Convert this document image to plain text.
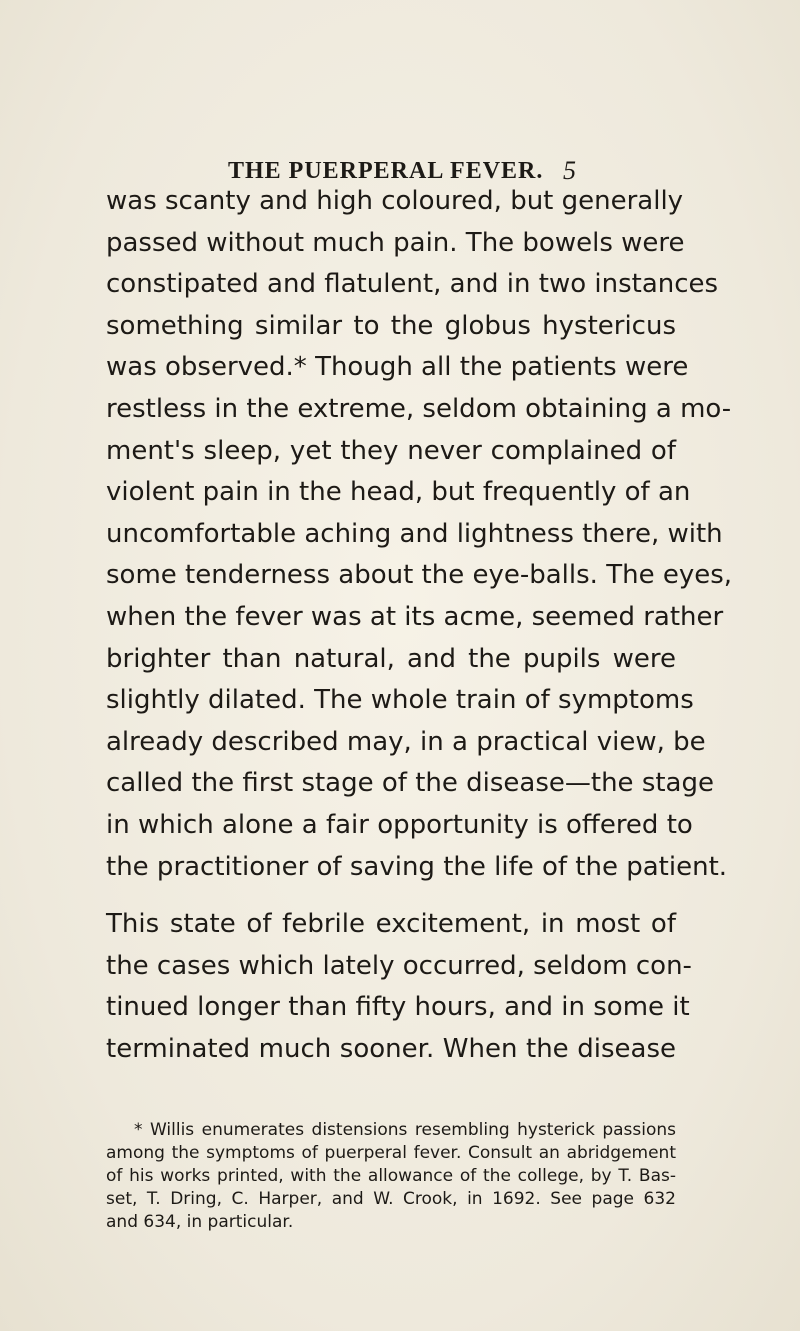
THE PUERPERAL FEVER. 5
was scanty and high coloured, but generally
passed without much pain. The bowels were
constipated and flatulent, and in two instances
something similar to the globus hystericus
was observed.* Though all the patients were
restless in the extreme, seldom obtaining a mo-
ment's sleep, yet they never complained of
violent pain in the head, but frequently of an
uncomfortable aching and lightness there, with
some tenderness about the eye-balls. The eyes,
when the fever was at its acme, seemed rather
brighter than natural, and the pupils were
slightly dilated. The whole train of symptoms
already described may, in a practical view, be
called the first stage of the disease—the stage
in which alone a fair opportunity is offered to
the practitioner of saving the life of the patient.
This state of febrile excitement, in most of
the cases which lately occurred, seldom con-
tinued longer than fifty hours, and in some it
terminated much sooner. When the disease
* Willis enumerates distensions resembling hysterick passions
among the symptoms of puerperal fever. Consult an abridgement
of his works printed, with the allowance of the college, by T. Bas-
set, T. Dring, C. Harper, and W. Crook, in 1692. See page 632
and 634, in particular.
